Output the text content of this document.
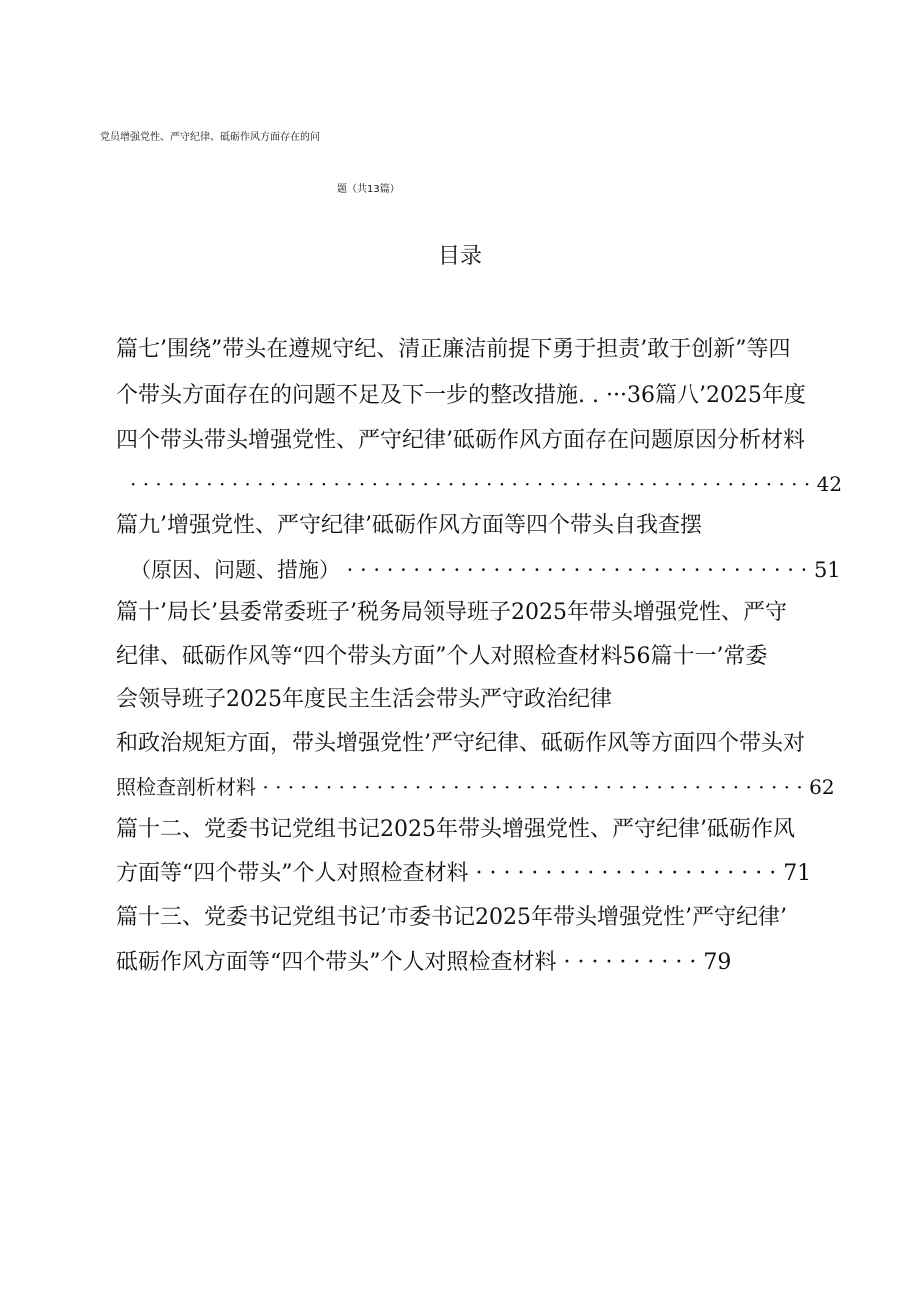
党员增强党性、严守纪律、砥砺作风方面存在的问
题（共13篇）
目录
篇七’围绕”带头在遵规守纪、清正廉洁前提下勇于担责’敢于创新”等四
个带头方面存在的问题不足及下一步的整改措施. . ···36篇八’2025年度
四个带头带头增强党性、严守纪律’砥砺作风方面存在问题原因分析材料
· · · · · · · · · · · · · · · · · · · · · · · · · · · · · · · · · · · · · · · · · · · · · · · · · · · · · · 42
篇九’增强党性、严守纪律’砥砺作风方面等四个带头自我查摆
（原因、问题、措施） · · · · · · · · · · · · · · · · · · · · · · · · · · · · · · · · · · · 51
篇十’局长’县委常委班子’税务局领导班子2025年带头增强党性、严守
纪律、砥砺作风等“四个带头方面”个人对照检查材料56篇十一’常委
会领导班子2025年度民主生活会带头严守政治纪律
和政治规矩方面，带头增强党性’严守纪律、砥砺作风等方面四个带头对
照检查剖析材料 · · · · · · · · · · · · · · · · · · · · · · · · · · · · · · · · · · · · · · · · · · · 62
篇十二、党委书记党组书记2025年带头增强党性、严守纪律’砥砺作风
方面等“四个带头”个人对照检查材料 · · · · · · · · · · · · · · · · · · · · · · 71
篇十三、党委书记党组书记’市委书记2025年带头增强党性’严守纪律’
砥砺作风方面等“四个带头”个人对照检查材料 · · · · · · · · · · 79
